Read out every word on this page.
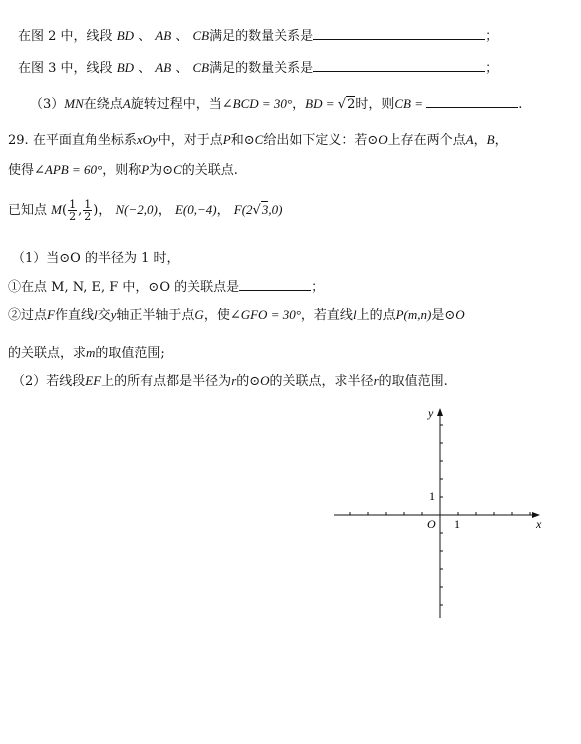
在图 2 中，线段 BD 、 AB 、 CB满足的数量关系是	；
在图 3 中，线段 BD 、 AB 、 CB满足的数量关系是	；
（3）MN在绕点A旋转过程中，当∠BCD = 30°，BD = √2时，则CB =	.
29. 在平面直角坐标系xOy中，对于点P和⊙C给出如下定义：若⊙O上存在两个点A，B，
使得∠APB = 60°，则称P为⊙C的关联点.
已知点 $M( \frac{1}{2}$ , $\frac{1}{2}$ )， N(−2,0)， E(0,−4)， F(2√3,0)
（1）当⊙O 的半径为 1 时，
①在点 M, N, E, F 中，⊙O 的关联点是	；
②过点F作直线l交y轴正半轴于点G，使∠GFO = 30°，若直线l上的点P(m,n)是⊙O
的关联点，求m的取值范围;
（2）若线段EF上的所有点都是半径为r的⊙O的关联点，求半径r的取值范围.
x
y
O 1
1
